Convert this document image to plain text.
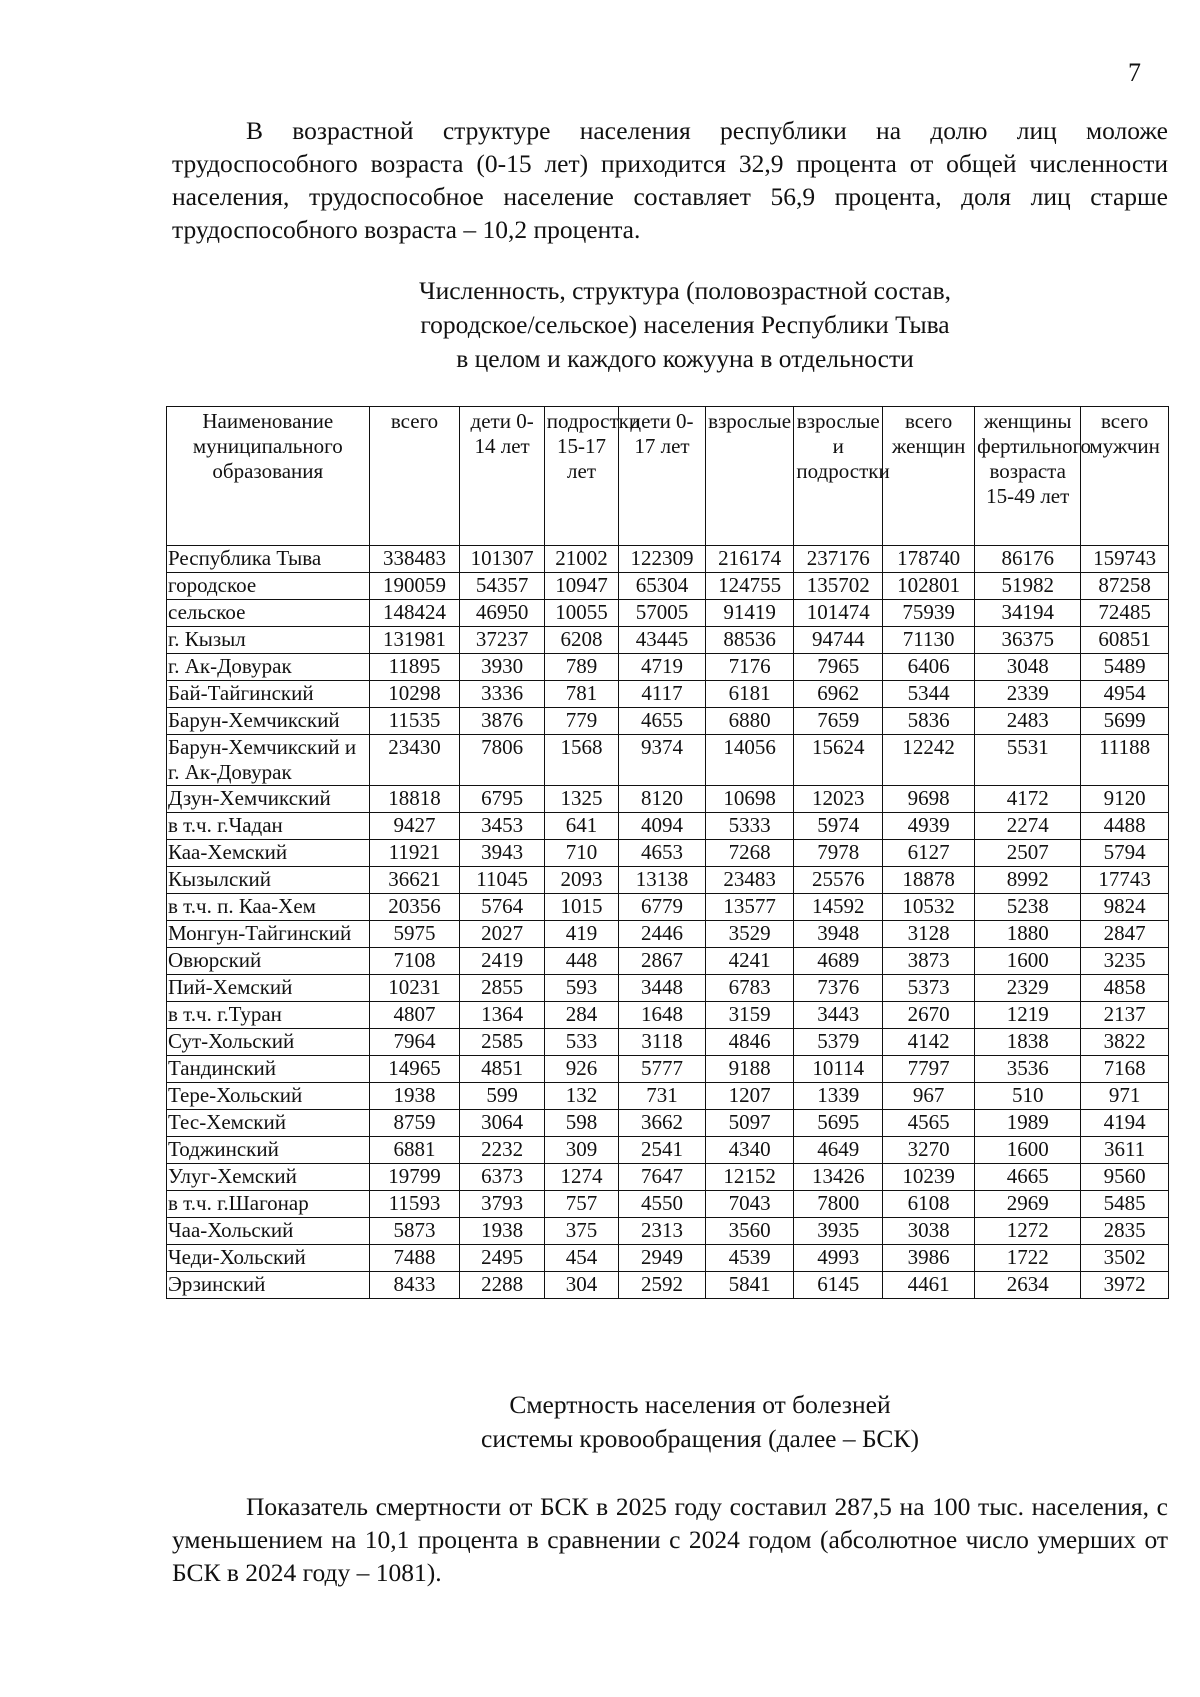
7

В возрастной структуре населения республики на долю лиц моложе трудоспособного возраста (0-15 лет) приходится 32,9 процента от общей численности населения, трудоспособное население составляет 56,9 процента, доля лиц старше трудоспособного возраста – 10,2 процента.

Численность, структура (половозрастной состав,
городское/сельское) населения Республики Тыва
в целом и каждого кожууна в отдельности
Наименование муниципального образования	всего	дети 0-14 лет	подростки 15-17 лет	дети 0-17 лет	взрослые	взрослые и подростки	всего женщин	женщины фертильного возраста 15-49 лет	всего мужчин
Республика Тыва	338483	101307	21002	122309	216174	237176	178740	86176	159743
городское	190059	54357	10947	65304	124755	135702	102801	51982	87258
сельское	148424	46950	10055	57005	91419	101474	75939	34194	72485
г. Кызыл	131981	37237	6208	43445	88536	94744	71130	36375	60851
г. Ак-Довурак	11895	3930	789	4719	7176	7965	6406	3048	5489
Бай-Тайгинский	10298	3336	781	4117	6181	6962	5344	2339	4954
Барун-Хемчикский	11535	3876	779	4655	6880	7659	5836	2483	5699
Барун-Хемчикский и г. Ак-Довурак	23430	7806	1568	9374	14056	15624	12242	5531	11188
Дзун-Хемчикский	18818	6795	1325	8120	10698	12023	9698	4172	9120
в т.ч. г.Чадан	9427	3453	641	4094	5333	5974	4939	2274	4488
Каа-Хемский	11921	3943	710	4653	7268	7978	6127	2507	5794
Кызылский	36621	11045	2093	13138	23483	25576	18878	8992	17743
в т.ч. п. Каа-Хем	20356	5764	1015	6779	13577	14592	10532	5238	9824
Монгун-Тайгинский	5975	2027	419	2446	3529	3948	3128	1880	2847
Овюрский	7108	2419	448	2867	4241	4689	3873	1600	3235
Пий-Хемский	10231	2855	593	3448	6783	7376	5373	2329	4858
в т.ч. г.Туран	4807	1364	284	1648	3159	3443	2670	1219	2137
Сут-Хольский	7964	2585	533	3118	4846	5379	4142	1838	3822
Тандинский	14965	4851	926	5777	9188	10114	7797	3536	7168
Тере-Хольский	1938	599	132	731	1207	1339	967	510	971
Тес-Хемский	8759	3064	598	3662	5097	5695	4565	1989	4194
Тоджинский	6881	2232	309	2541	4340	4649	3270	1600	3611
Улуг-Хемский	19799	6373	1274	7647	12152	13426	10239	4665	9560
в т.ч. г.Шагонар	11593	3793	757	4550	7043	7800	6108	2969	5485
Чаа-Хольский	5873	1938	375	2313	3560	3935	3038	1272	2835
Чеди-Хольский	7488	2495	454	2949	4539	4993	3986	1722	3502
Эрзинский	8433	2288	304	2592	5841	6145	4461	2634	3972
Смертность населения от болезней
системы кровообращения (далее – БСК)

Показатель смертности от БСК в 2025 году составил 287,5 на 100 тыс. населения, с уменьшением на 10,1 процента в сравнении с 2024 годом (абсолютное число умерших от БСК в 2024 году – 1081).
